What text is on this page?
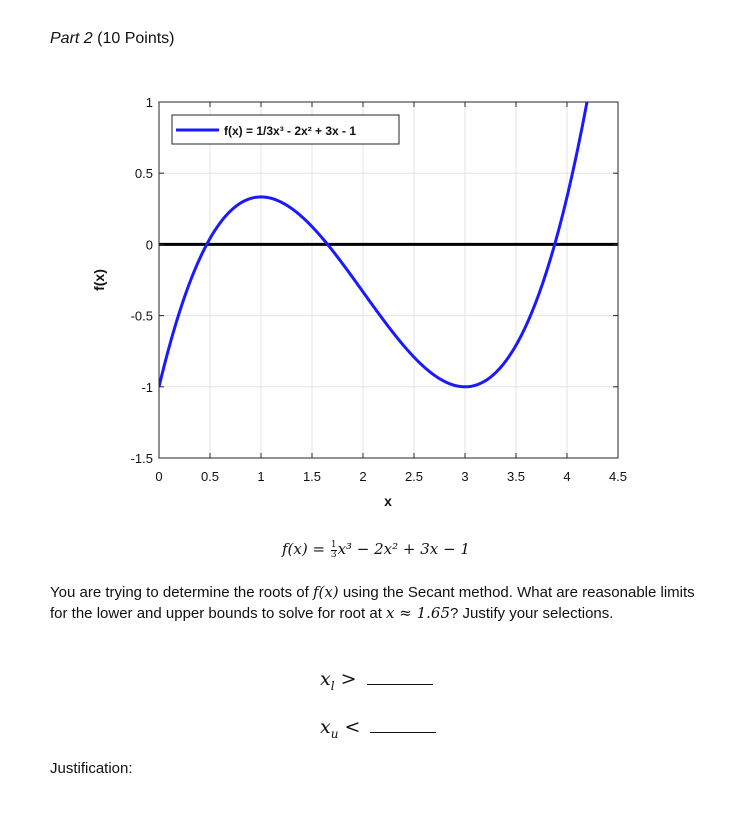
Part 2 (10 Points)
0	0.5	1	1.5	2	2.5	3	3.5	4	4.5
1
0.5
0
-0.5
-1
-1.5
x
f(x)
f(x) = 1/3x³ - 2x² + 3x - 1
$f(x) = \frac{1}{3} x^3 - 2x^2 + 3x - 1$
You are trying to determine the roots of f(x) using the Secant method. What are reasonable limits for the lower and upper bounds to solve for root at x ≈ 1.65? Justify your selections.
$x_l$ >
$x_u$ <
Justification:
